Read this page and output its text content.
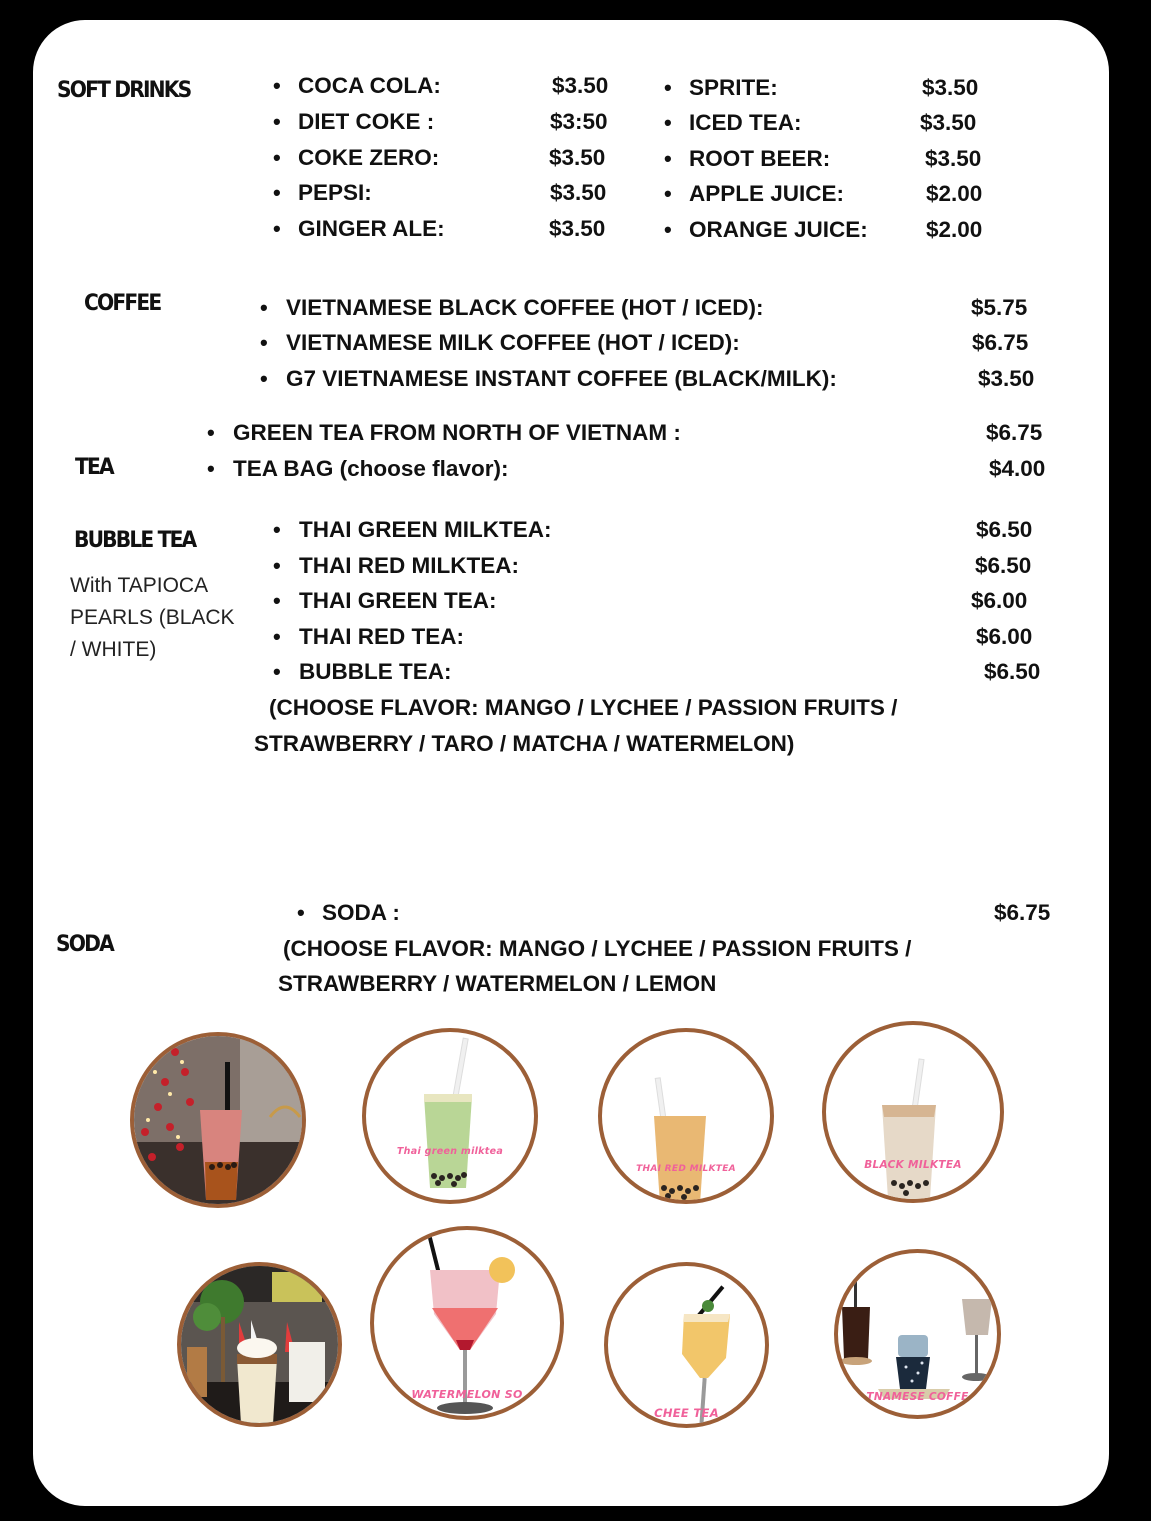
SOFT DRINKS	• COCA COLA:	$3.50
• DIET COKE :	$3:50
• COKE ZERO:	$3.50
• PEPSI:	$3.50
• GINGER ALE:	$3.50
• SPRITE:	$3.50
• ICED TEA:	$3.50
• ROOT BEER:	$3.50
• APPLE JUICE:	$2.00
• ORANGE JUICE:	$2.00
COFFEE	• VIETNAMESE BLACK COFFEE (HOT / ICED):	$5.75
• VIETNAMESE MILK COFFEE (HOT / ICED):	$6.75
• G7 VIETNAMESE INSTANT COFFEE (BLACK/MILK):	$3.50
TEA
• GREEN TEA FROM NORTH OF VIETNAM :	$6.75
• TEA BAG (choose flavor):	$4.00
BUBBLE TEA
With TAPIOCA
PEARLS (BLACK
/ WHITE)
• THAI GREEN MILKTEA:	$6.50
• THAI RED MILKTEA:	$6.50
• THAI GREEN TEA:	$6.00
• THAI RED TEA:	$6.00
• BUBBLE TEA:	$6.50
(CHOOSE FLAVOR: MANGO / LYCHEE / PASSION FRUITS /
STRAWBERRY / TARO / MATCHA / WATERMELON)
SODA
• SODA :	$6.75
(CHOOSE FLAVOR: MANGO / LYCHEE / PASSION FRUITS /
STRAWBERRY / WATERMELON / LEMON
Thai green milktea
THAI RED MILKTEA	BLACK MILKTEA
WATERMELON SO
CHEE TEA
TNAMESE COFFE
